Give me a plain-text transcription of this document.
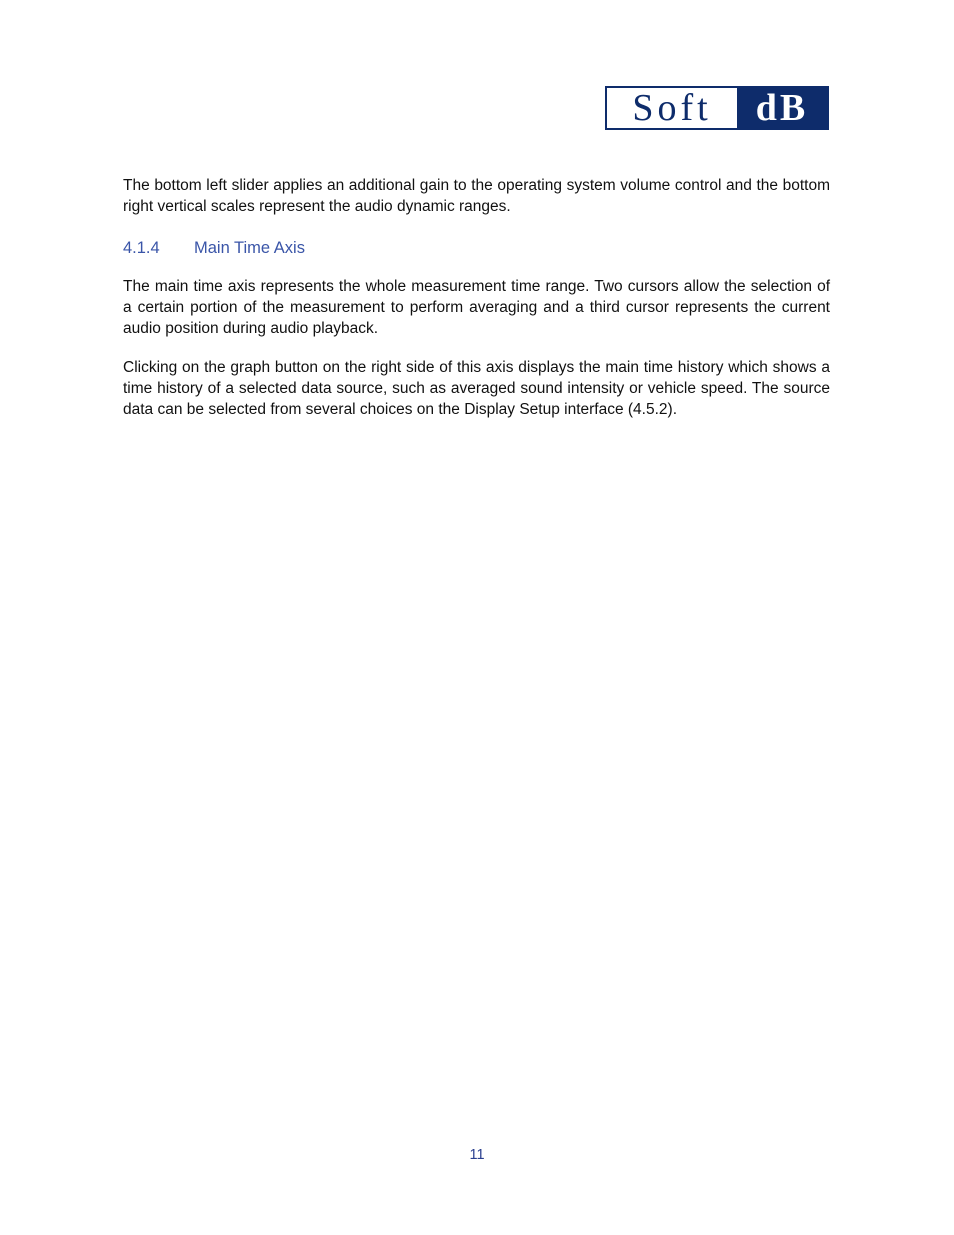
Soft	dB

The bottom left slider applies an additional gain to the operating system volume control and the bottom right vertical scales represent the audio dynamic ranges.

4.1.4	Main Time Axis

The main time axis represents the whole measurement time range. Two cursors allow the selection of a certain portion of the measurement to perform averaging and a third cursor represents the current audio position during audio playback.

Clicking on the graph button on the right side of this axis displays the main time history which shows a time history of a selected data source, such as averaged sound intensity or vehicle speed. The source data can be selected from several choices on the Display Setup interface (4.5.2).

11
